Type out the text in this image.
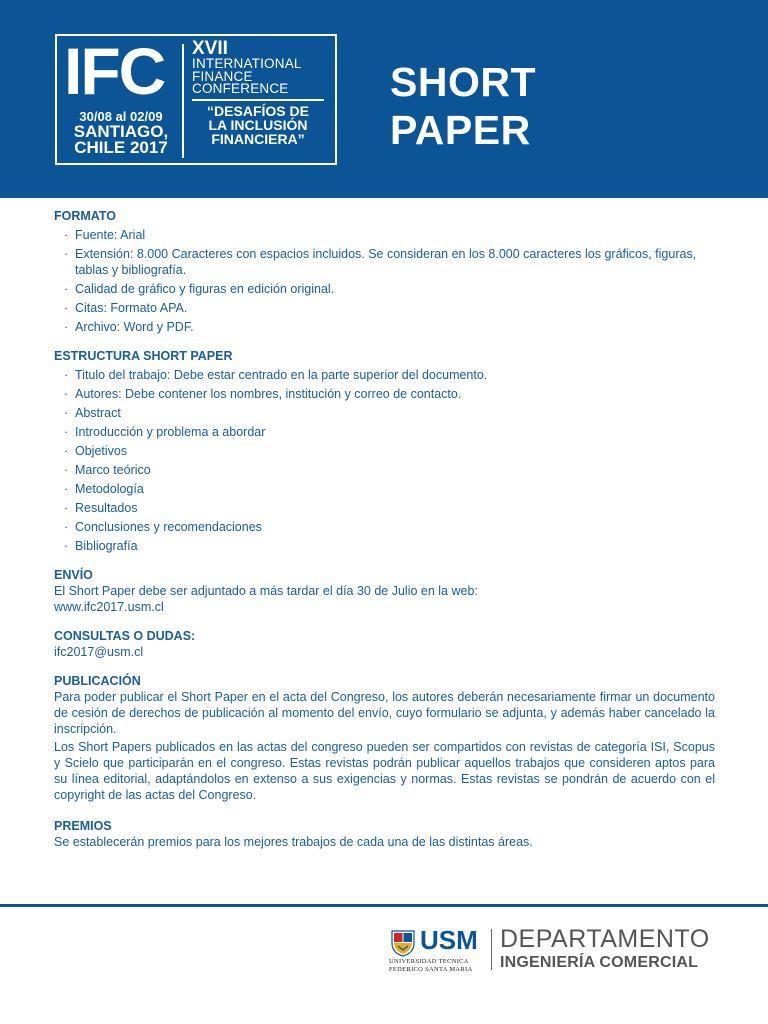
IFC
30/08 al 02/09
SANTIAGO,
CHILE 2017
XVII
INTERNATIONAL
FINANCE
CONFERENCE
“DESAFÍOS DE
LA INCLUSIÓN
FINANCIERA”
SHORT
PAPER
FORMATO
· Fuente: Arial
· Extensión: 8.000 Caracteres con espacios incluidos. Se consideran en los 8.000 caracteres los gráficos, figuras, tablas y bibliografía.
· Calidad de gráfico y figuras en edición original.
· Citas: Formato APA.
· Archivo: Word y PDF.
ESTRUCTURA SHORT PAPER
· Titulo del trabajo: Debe estar centrado en la parte superior del documento.
· Autores: Debe contener los nombres, institución y correo de contacto.
· Abstract
· Introducción y problema a abordar
· Objetivos
· Marco teórico
· Metodología
· Resultados
· Conclusiones y recomendaciones
· Bibliografía
ENVÍO
El Short Paper debe ser adjuntado a más tardar el día 30 de Julio en la web:
www.ifc2017.usm.cl
CONSULTAS O DUDAS:
ifc2017@usm.cl
PUBLICACIÓN
Para poder publicar el Short Paper en el acta del Congreso, los autores deberán necesariamente firmar un documento de cesión de derechos de publicación al momento del envío, cuyo formulario se adjunta, y además haber cancelado la inscripción.
Los Short Papers publicados en las actas del congreso pueden ser compartidos con revistas de categoría ISI, Scopus y Scielo que participarán en el congreso. Estas revistas podrán publicar aquellos trabajos que consideren aptos para su línea editorial, adaptándolos en extenso a sus exigencias y normas. Estas revistas se pondrán de acuerdo con el copyright de las actas del Congreso.
PREMIOS
Se establecerán premios para los mejores trabajos de cada una de las distintas áreas.
USM
UNIVERSIDAD TECNICA
FEDERICO SANTA MARIA
DEPARTAMENTO
INGENIERÍA COMERCIAL
